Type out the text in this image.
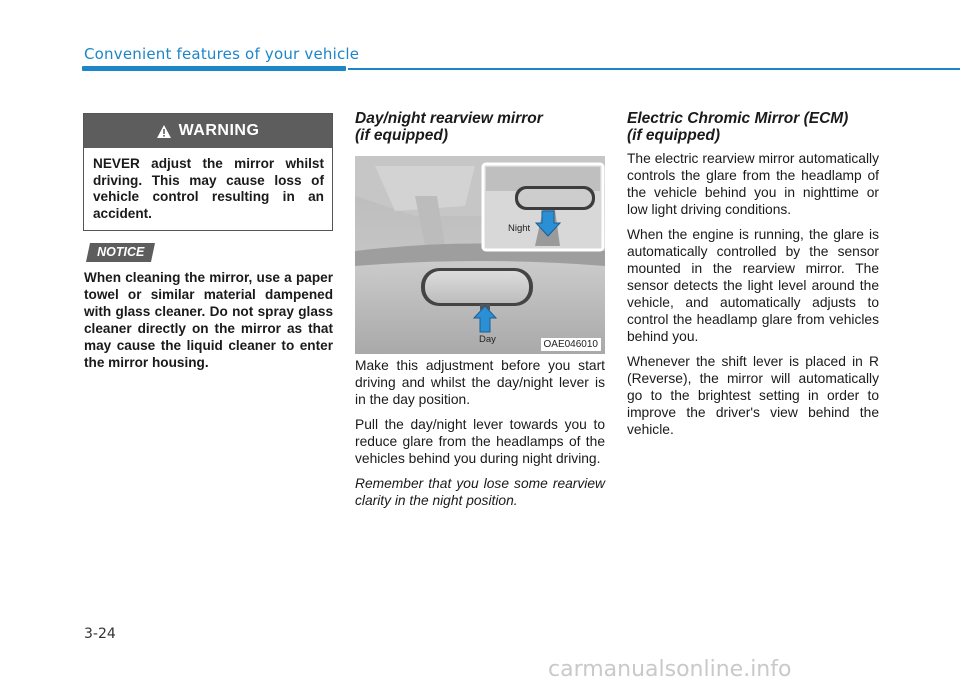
Convenient features of your vehicle
WARNING
NEVER adjust the mirror whilst driving. This may cause loss of vehicle control resulting in an accident.
NOTICE
When cleaning the mirror, use a paper towel or similar material dampened with glass cleaner. Do not spray glass cleaner directly on the mirror as that may cause the liquid cleaner to enter the mirror housing.
Day/night rearview mirror
(if equipped)
Night
Day	OAE046010

Make this adjustment before you start driving and whilst the day/night lever is in the day position.

Pull the day/night lever towards you to reduce glare from the headlamps of the vehicles behind you during night driving.

Remember that you lose some rearview clarity in the night position.

Electric Chromic Mirror (ECM)
(if equipped)

The electric rearview mirror automatically controls the glare from the headlamp of the vehicle behind you in nighttime or low light driving conditions.

When the engine is running, the glare is automatically controlled by the sensor mounted in the rearview mirror. The sensor detects the light level around the vehicle, and automatically adjusts to control the headlamp glare from vehicles behind you.

Whenever the shift lever is placed in R (Reverse), the mirror will automatically go to the brightest setting in order to improve the driver's view behind the vehicle.

3-24
carmanualsonline.info
